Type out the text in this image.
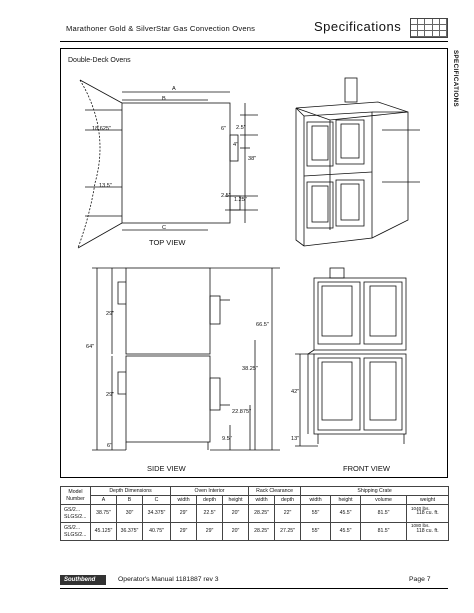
Marathoner Gold & SilverStar Gas Convection Ovens	Specifications
SPECIFICATIONS
Double-Deck Ovens
A
B
C
18.625"	6" 2.5"
4"
38"
13.5"
2.5"
1.25"
TOP VIEW
29"
64"
29"
6"
66.5"
38.25"
22.875"
9.5"
SIDE VIEW
42"
13"
FRONT VIEW
Model
Number	Depth Dimensions			Oven Interior			Rack Clearance		Shipping Crate			
	A	B	C	width	depth	height	width	depth	width	height	volume	weight
GS/2...
SLGS/2...	38.75"	30"	34.375"	29"	22.5"	20"	28.25"	22"	55"	45.5"	81.5"	118 cu. ft.
GS/2...
SLGS/2...	45.125"	36.375"	40.75"	29"	29"	20"	28.25"	27.25"	55"	45.5"	81.5"	118 cu. ft.
1040 lbs.
1080 lbs.
Southbend	Operator's Manual 1181887 rev 3	Page 7
